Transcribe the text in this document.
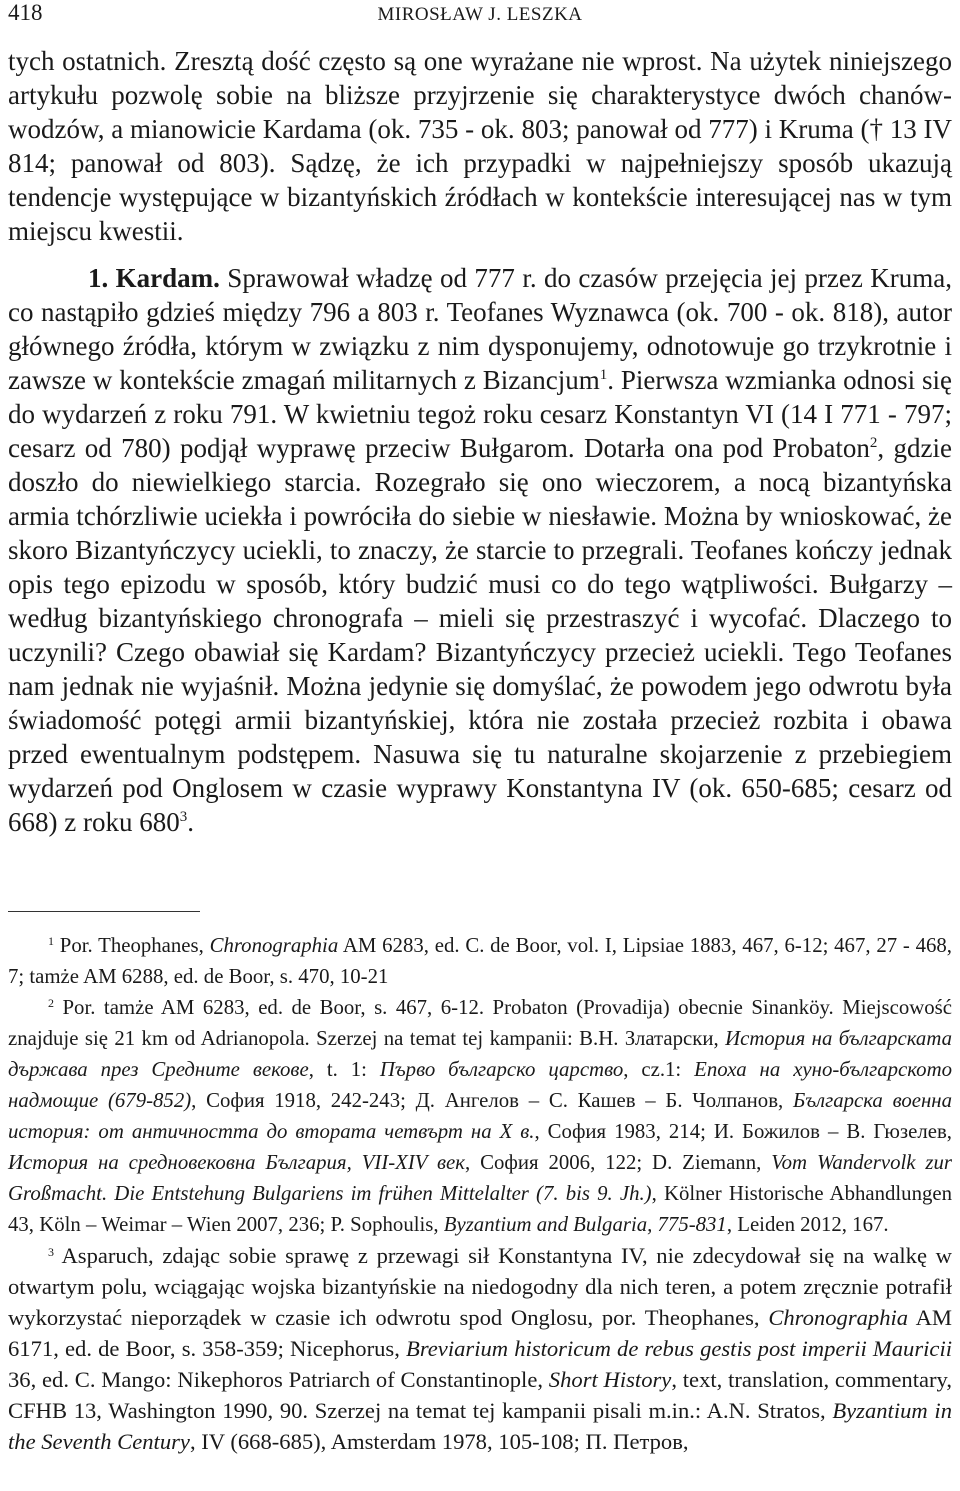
418	MIROSŁAW J. LESZKA

tych ostatnich. Zresztą dość często są one wyrażane nie wprost. Na użytek niniejszego artykułu pozwolę sobie na bliższe przyjrzenie się charakterystyce dwóch chanów-wodzów, a mianowicie Kardama (ok. 735 - ok. 803; panował od 777) i Kruma († 13 IV 814; panował od 803). Sądzę, że ich przypadki w najpełniejszy sposób ukazują tendencje występujące w bizantyńskich źródłach w kontekście interesującej nas w tym miejscu kwestii.

1. Kardam. Sprawował władzę od 777 r. do czasów przejęcia jej przez Kruma, co nastąpiło gdzieś między 796 a 803 r. Teofanes Wyznawca (ok. 700 - ok. 818), autor głównego źródła, którym w związku z nim dysponujemy, odnotowuje go trzykrotnie i zawsze w kontekście zmagań militarnych z Bizancjum$^1$. Pierwsza wzmianka odnosi się do wydarzeń z roku 791. W kwietniu tegoż roku cesarz Konstantyn VI (14 I 771 - 797; cesarz od 780) podjął wyprawę przeciw Bułgarom. Dotarła ona pod Probaton$^2$, gdzie doszło do niewielkiego starcia. Rozegrało się ono wieczorem, a nocą bizantyńska armia tchórzliwie uciekła i powróciła do siebie w niesławie. Można by wnioskować, że skoro Bizantyńczycy uciekli, to znaczy, że starcie to przegrali. Teofanes kończy jednak opis tego epizodu w sposób, który budzić musi co do tego wątpliwości. Bułgarzy – według bizantyńskiego chronografa – mieli się przestraszyć i wycofać. Dlaczego to uczynili? Czego obawiał się Kardam? Bizantyńczycy przecież uciekli. Tego Teofanes nam jednak nie wyjaśnił. Można jedynie się domyślać, że powodem jego odwrotu była świadomość potęgi armii bizantyńskiej, która nie została przecież rozbita i obawa przed ewentualnym podstępem. Nasuwa się tu naturalne skojarzenie z przebiegiem wydarzeń pod Onglosem w czasie wyprawy Konstantyna IV (ok. 650-685; cesarz od 668) z roku $680^3$.

$^1$ Por. Theophanes, Chronographia AM 6283, ed. C. de Boor, vol. I, Lipsiae 1883, 467, 6-12; 467, 27 - 468, 7; tamże AM 6288, ed. de Boor, s. 470, 10-21

$^2$ Por. tamże AM 6283, ed. de Boor, s. 467, 6-12. Probaton (Provadija) obecnie Sinanköy. Miejscowość znajduje się 21 km od Adrianopola. Szerzej na temat tej kampanii: В.Н. Златарски, История на българската държава през Средните векове, t. 1: Първо българско царство, cz.1: Епоха на хуно-българското надмощие (679-852), София 1918, 242-243; Д. Ангелов – С. Кашев – Б. Чолпанов, Българска военна история: от античността до втората четвърт на X в., София 1983, 214; И. Божилов – В. Гюзелев, История на средновековна България, VII-XIV век, София 2006, 122; D. Ziemann, Vom Wandervolk zur Großmacht. Die Entstehung Bulgariens im frühen Mittelalter (7. bis 9. Jh.), Kölner Historische Abhandlungen 43, Köln – Weimar – Wien 2007, 236; P. Sophoulis, Byzantium and Bulgaria, 775-831, Leiden 2012, 167.

$^3$ Asparuch, zdając sobie sprawę z przewagi sił Konstantyna IV, nie zdecydował się na walkę w otwartym polu, wciągając wojska bizantyńskie na niedogodny dla nich teren, a potem zręcznie potrafił wykorzystać nieporządek w czasie ich odwrotu spod Onglosu, por. Theophanes, Chronographia AM 6171, ed. de Boor, s. 358-359; Nicephorus, Breviarium historicum de rebus gestis post imperii Mauricii 36, ed. C. Mango: Nikephoros Patriarch of Constantinople, Short History, text, translation, commentary, CFHB 13, Washington 1990, 90. Szerzej na temat tej kampanii pisali m.in.: A.N. Stratos, Byzantium in the Seventh Century, IV (668-685), Amsterdam 1978, 105-108; П. Петров,
